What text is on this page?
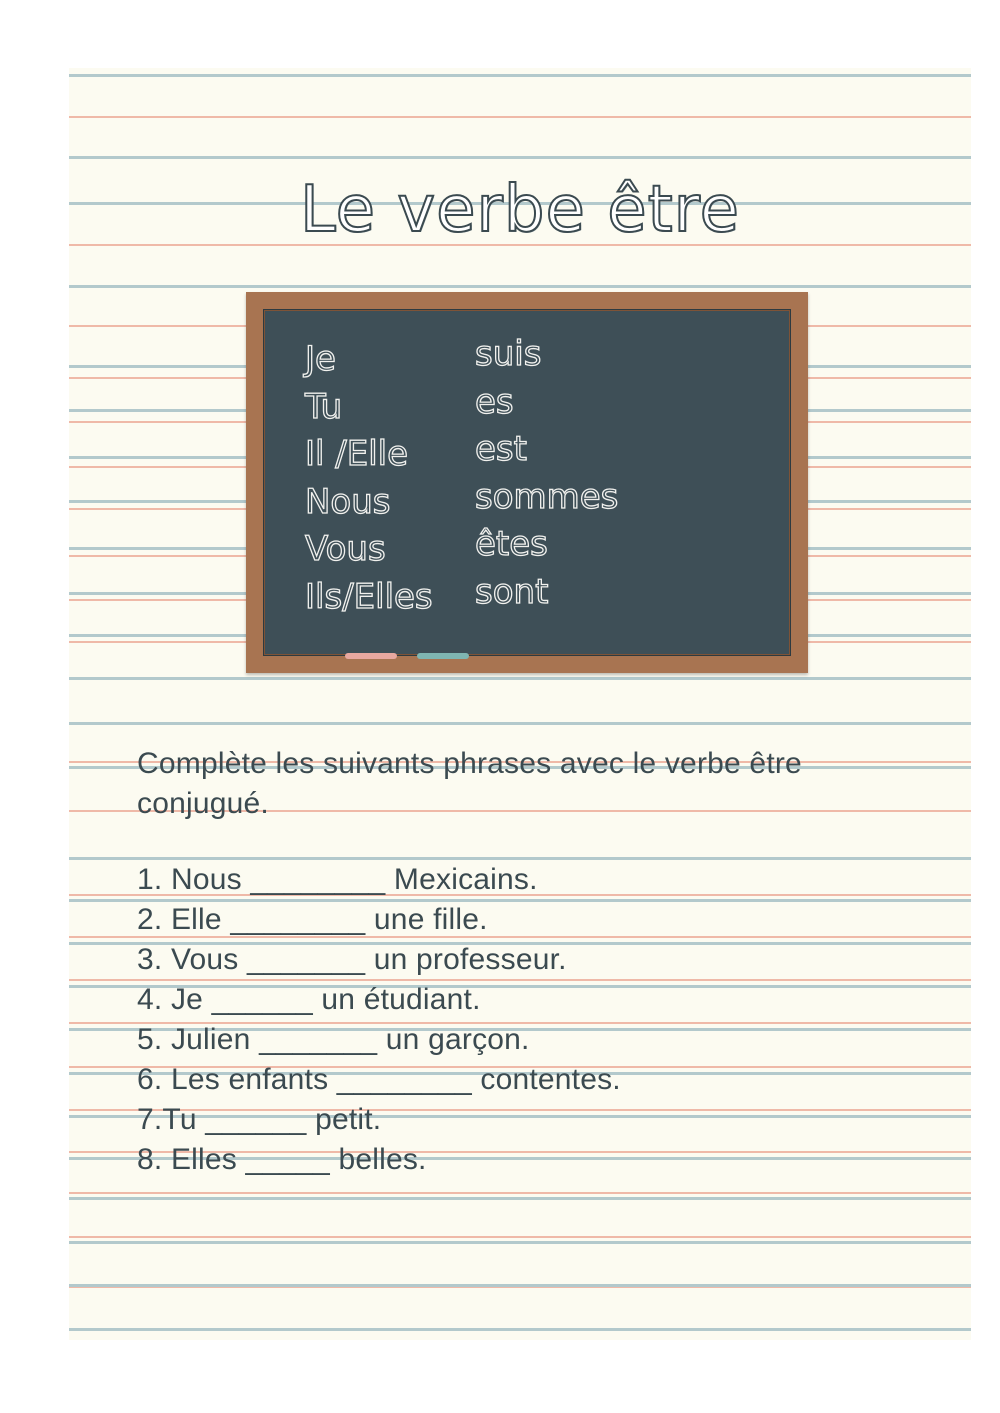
Le verbe être
Je
Tu
Il /Elle
Nous
Vous
Ils/Elles
suis
es
est
sommes
êtes
sont
Complète les suivants phrases avec le verbe être conjugué.
1. Nous ________ Mexicains.
2. Elle ________ une fille.
3. Vous _______ un professeur.
4. Je ______ un étudiant.
5. Julien _______ un garçon.
6. Les enfants ________ contentes.
7.Tu ______ petit.
8. Elles _____ belles.
